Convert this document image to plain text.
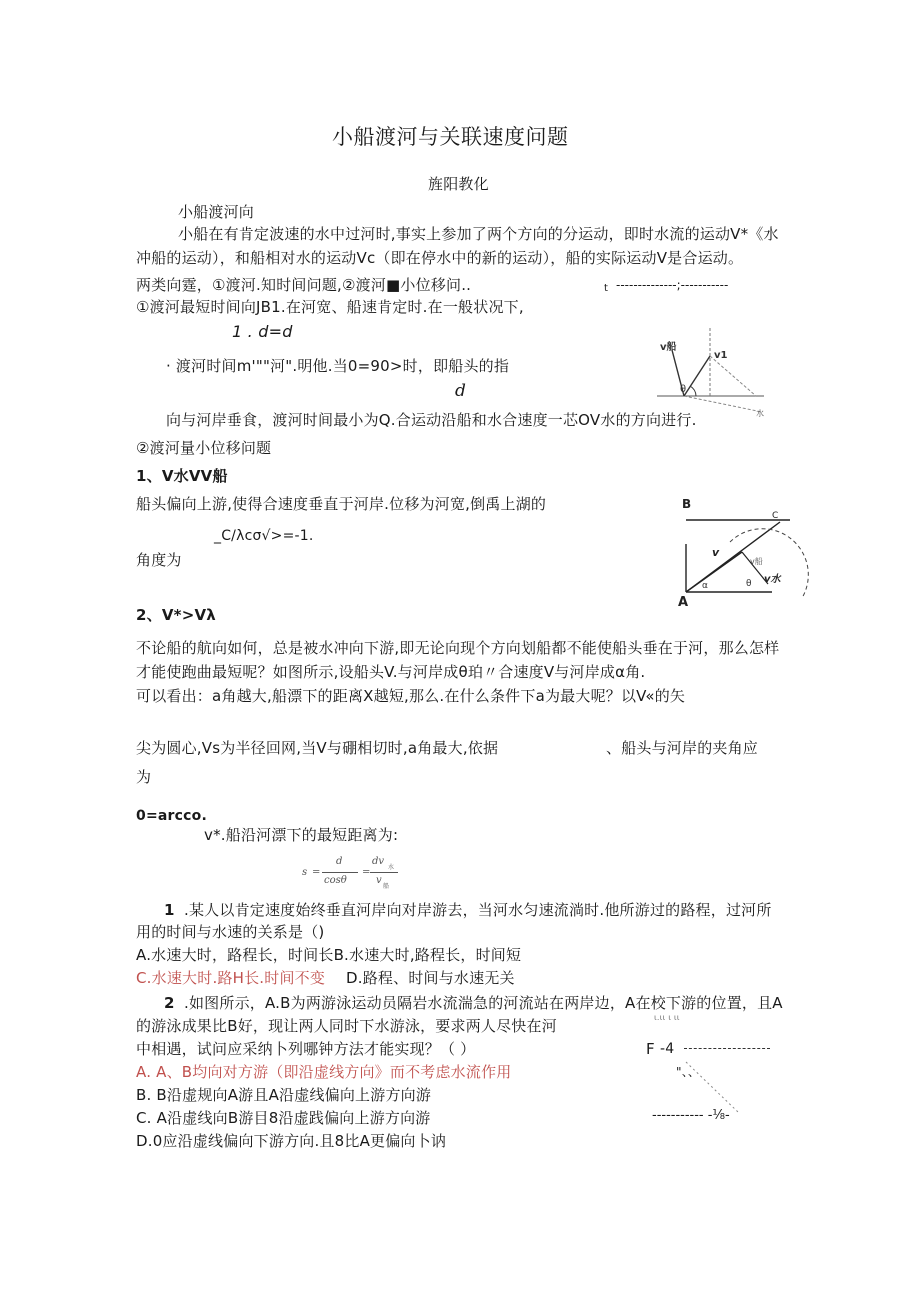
小船渡河与关联速度问题
旌阳教化
小船渡河向
小船在有肯定波速的水中过河时,事实上参加了两个方向的分运动，即时水流的运动V*《水
冲船的运动），和船相对水的运动Vc（即在停水中的新的运动），船的实际运动V是合运动。
两类向霆，①渡河.知时间问题,②渡河■小位移问..	t --------------;-----------
①渡河最短时间向JB1.在河宽、船速肯定时.在一般状况下,
1 . d=d
· 渡河时间m'""河".明他.当0=90>时，即船头的指
d
向与河岸垂食，渡河时间最小为Q.合运动沿船和水合速度一芯OV水的方向进行.
v船
v1
θ
水
②渡河量小位移问题
1、V水VV船
船头偏向上游,使得合速度垂直于河岸.位移为河宽,倒禹上湖的
_C/λcσ√>=-1.
角度为
B
C
A
v
v船
α	θ v水
2、V*>Vλ
不论船的航向如何，总是被水冲向下游,即无论向现个方向划船都不能使船头垂在于河，那么怎样
才能使跑曲最短呢？如图所示,设船头V.与河岸成θ珀〃合速度V与河岸成α角.
可以看出：a角越大,船漂下的距离X越短,那么.在什么条件下a为最大呢？以V«的矢
尖为圆心,Vs为半径回网,当V与硼相切时,a角最大,依据	、船头与河岸的夹角应
为
0=arcco.
v*.船沿河漂下的最短距离为:
s =
d
cosθ
=
dv
水
v
船
1 .某人以肯定速度始终垂直河岸向对岸游去，当河水匀速流淌时.他所游过的路程，过河所
用的时间与水速的关系是（)
A.水速大时，路程长，时间长B.水速大时,路程长，时间短
C.水速大时.路H长.时间不变 D.路程、时间与水速无关
2 .如图所示，A.B为两游泳运动员隔岩水流湍急的河流站在两岸边，A在校下游的位置，且A
的游泳成果比B好，现让两人同时下水游泳，要求两人尽快在河
中相遇，试问应采纳卜列哪钟方法才能实现？（ ）
A. A、B均向对方游（即沿虚线方向》而不考虑水流作用
B. B沿虚规向A游且A沿虚线偏向上游方向游
C. A沿虚线向B游目8沿虚践偏向上游方向游
D.0应沿虚线偏向下游方向.且8比A更偏向卜讷
ι.ιι ι ιι
F -4
"、、
----------- -⅛-
